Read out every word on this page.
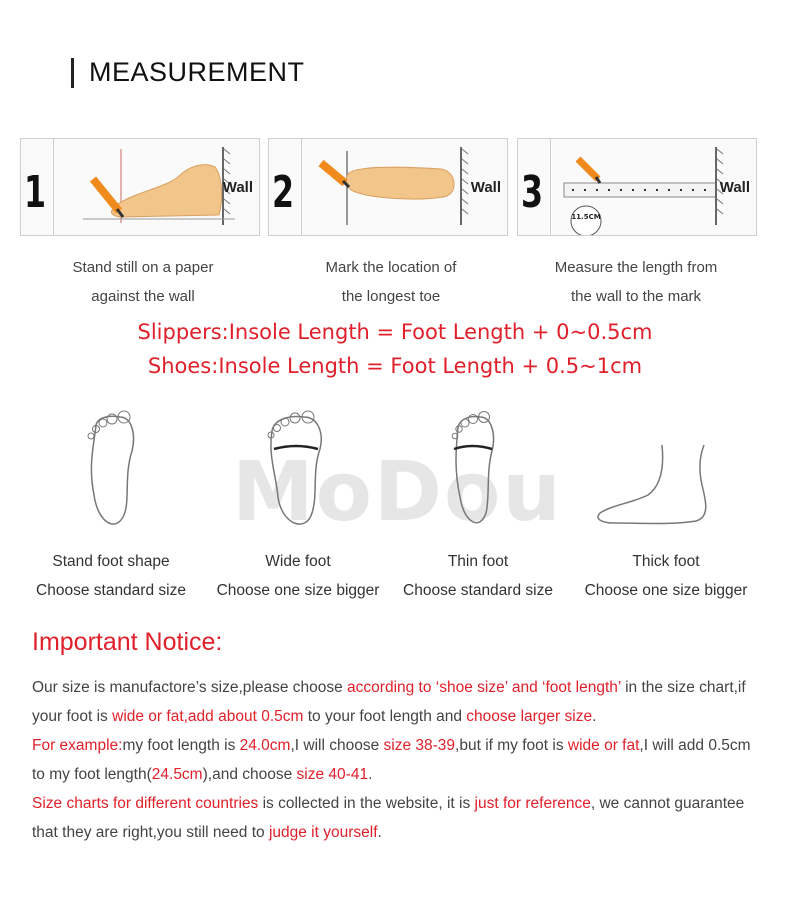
MEASUREMENT
1	Wall 2	Wall 3	11.5CM
Wall
Stand still on a paper
against the wall
Mark the location of
the longest toe
Measure the length from
the wall to the mark
Slippers:Insole Length = Foot Length + 0~0.5cm
Shoes:Insole Length = Foot Length + 0.5~1cm
MoDou
Stand foot shape
Choose standard size
Wide foot
Choose one size bigger
Thin foot
Choose standard size
Thick foot
Choose one size bigger
Important Notice:
Our size is manufactore’s size,please choose according to ‘shoe size’ and ‘foot length’ in the size chart,if your foot is wide or fat,add about 0.5cm to your foot length and choose larger size.
For example:my foot length is 24.0cm,I will choose size 38-39,but if my foot is wide or fat,I will add 0.5cm to my foot length(24.5cm),and choose size 40-41.
Size charts for different countries is collected in the website, it is just for reference, we cannot guarantee that they are right,you still need to judge it yourself.
